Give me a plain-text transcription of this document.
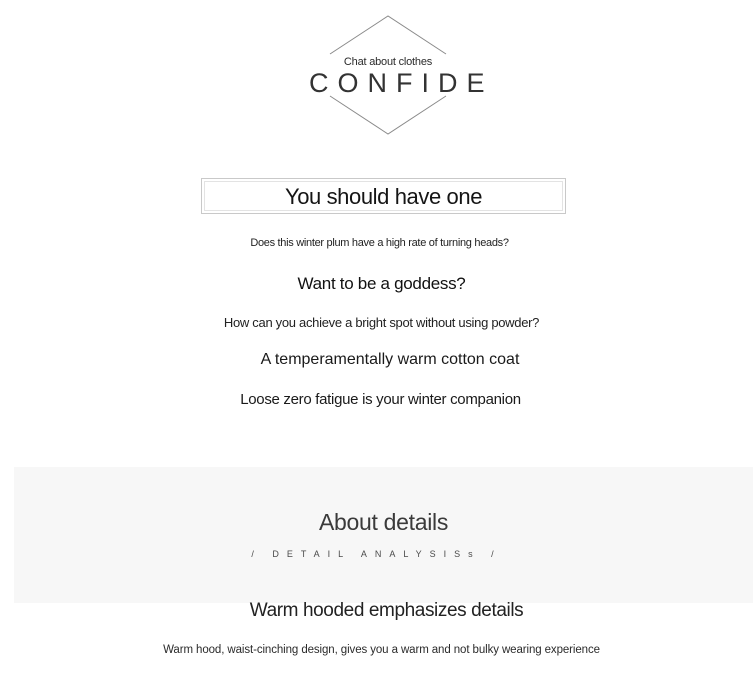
Chat about clothes
CONFIDE
You should have one
Does this winter plum have a high rate of turning heads?
Want to be a goddess?
How can you achieve a bright spot without using powder?
A temperamentally warm cotton coat
Loose zero fatigue is your winter companion
About details
/ DETAIL ANALYSISs /
Warm hooded emphasizes details
Warm hood, waist-cinching design, gives you a warm and not bulky wearing experience
